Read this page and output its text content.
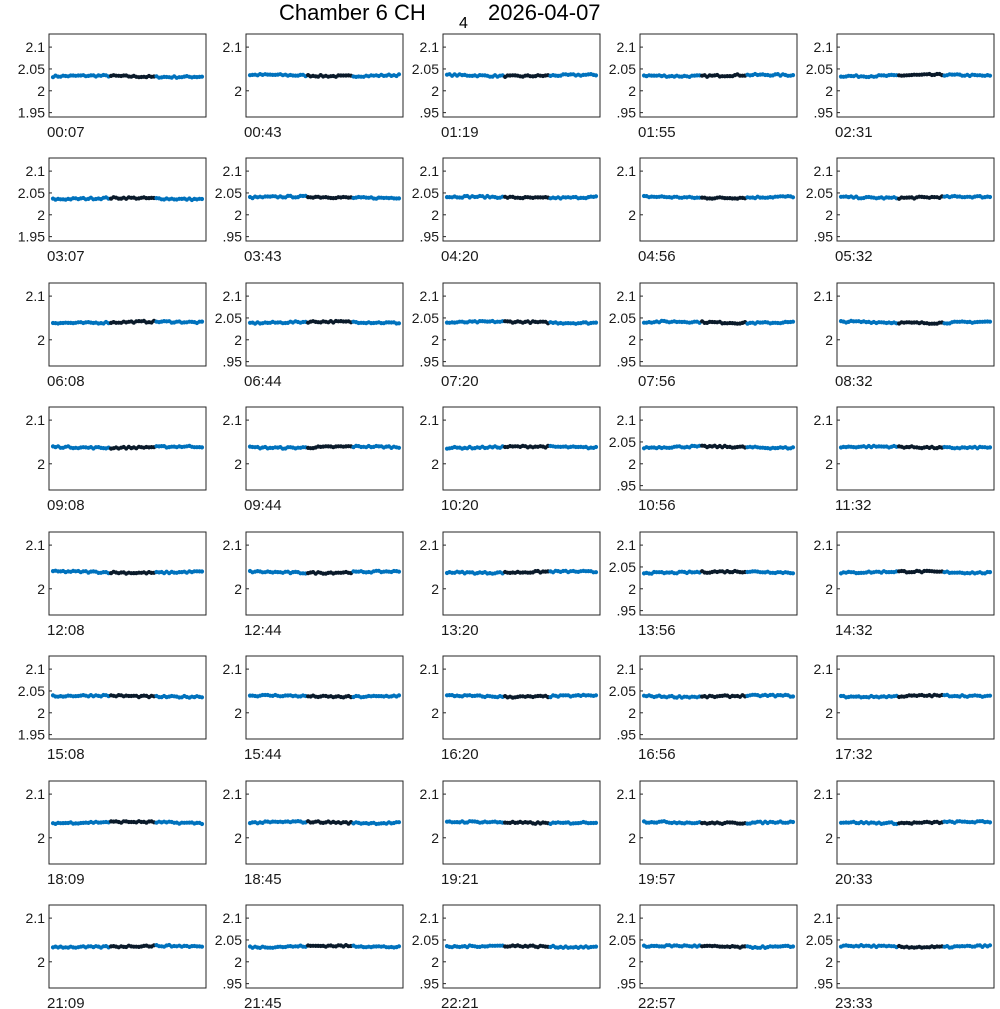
Chamber 6 CH 4 2026-04-07
1.95
2
2.05
2.1
00:07
2
2.1
00:43
.95
2
2.05
2.1
01:19
.95
2
2.05
2.1
01:55
.95
2
2.05
2.1
02:31
1.95
2
2.05
2.1
03:07
.95
2
2.05
2.1
03:43
.95
2
2.05
2.1
04:20
2
2.1
04:56
.95
2
2.05
2.1
05:32
2
2.1
06:08
.95
2
2.05
2.1
06:44
.95
2
2.05
2.1
07:20
.95
2
2.05
2.1
07:56
2
2.1
08:32
2
2.1
09:08
2
2.1
09:44
2
2.1
10:20
.95
2
2.05
2.1
10:56
2
2.1
11:32
2
2.1
12:08
2
2.1
12:44
2
2.1
13:20
.95
2
2.05
2.1
13:56
2
2.1
14:32
1.95
2
2.05
2.1
15:08
2
2.1
15:44
2
2.1
16:20
.95
2
2.05
2.1
16:56
2
2.1
17:32
2
2.1
18:09
2
2.1
18:45
2
2.1
19:21
2
2.1
19:57
2
2.1
20:33
2
2.1
21:09
.95
2
2.05
2.1
21:45
.95
2
2.05
2.1
22:21
.95
2
2.05
2.1
22:57
.95
2
2.05
2.1
23:33
